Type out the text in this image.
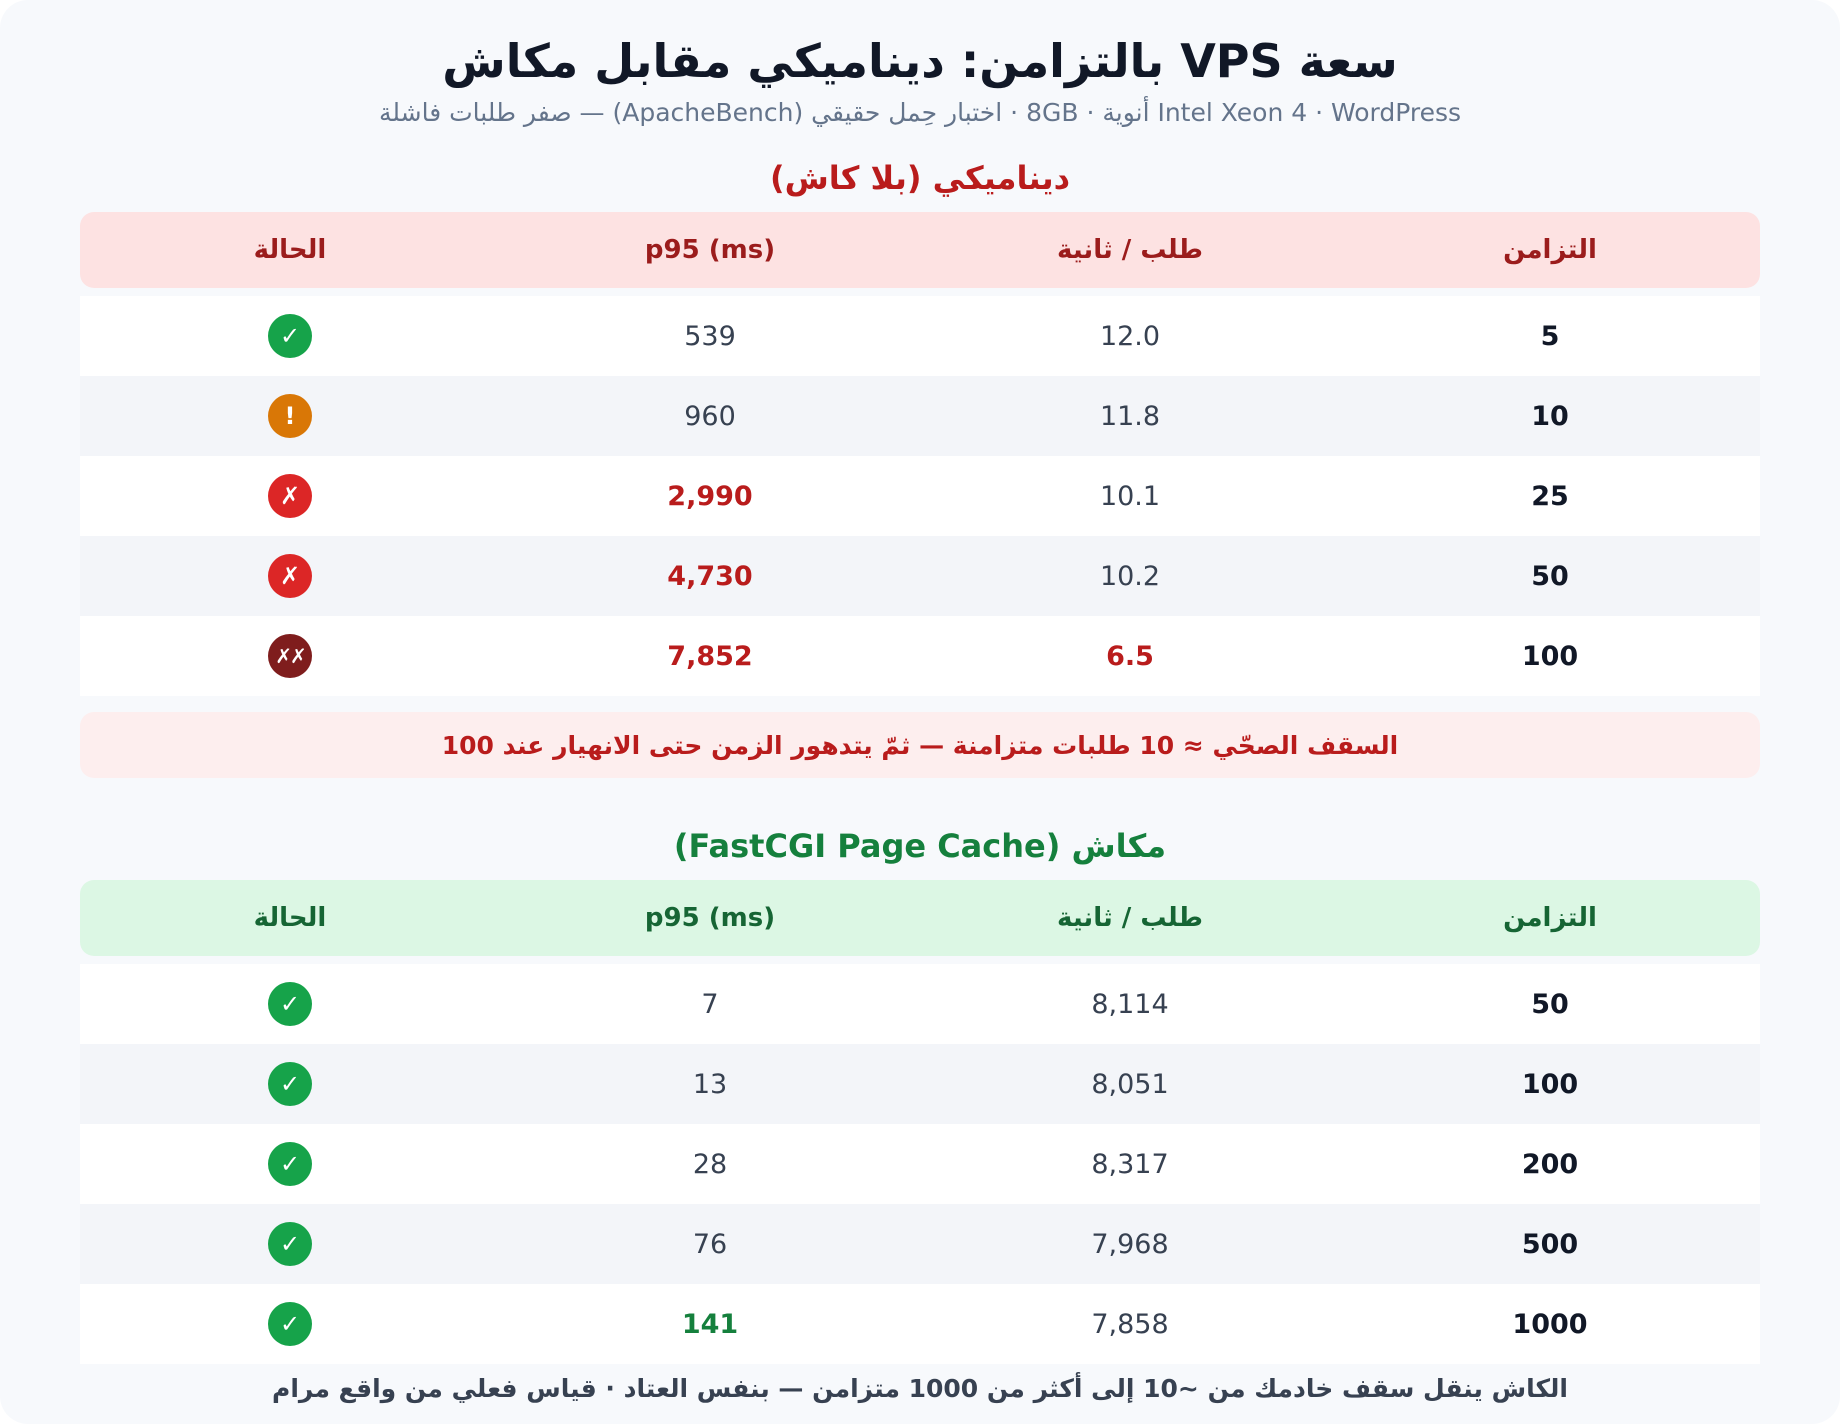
سعة VPS بالتزامن: ديناميكي مقابل مكاش
Intel Xeon 4 · WordPress أنوية · 8GB · اختبار حِمل حقيقي (ApacheBench) — صفر طلبات فاشلة
ديناميكي (بلا كاش)
التزامن
طلب / ثانية
p95 (ms)
الحالة
5
12.0
539
✓
10
11.8
960
!
25
10.1
2,990
✗
50
10.2
4,730
✗
100
6.5
7,852
✗✗
السقف الصحّي ≈ 10 طلبات متزامنة — ثمّ يتدهور الزمن حتى الانهيار عند 100
مكاش (FastCGI Page Cache)
التزامن
طلب / ثانية
p95 (ms)
الحالة
50
8,114
7
✓
100
8,051
13
✓
200
8,317
28
✓
500
7,968
76
✓
1000
7,858
141
✓
الكاش ينقل سقف خادمك من ~10 إلى أكثر من 1000 متزامن — بنفس العتاد · قياس فعلي من واقع مرام
